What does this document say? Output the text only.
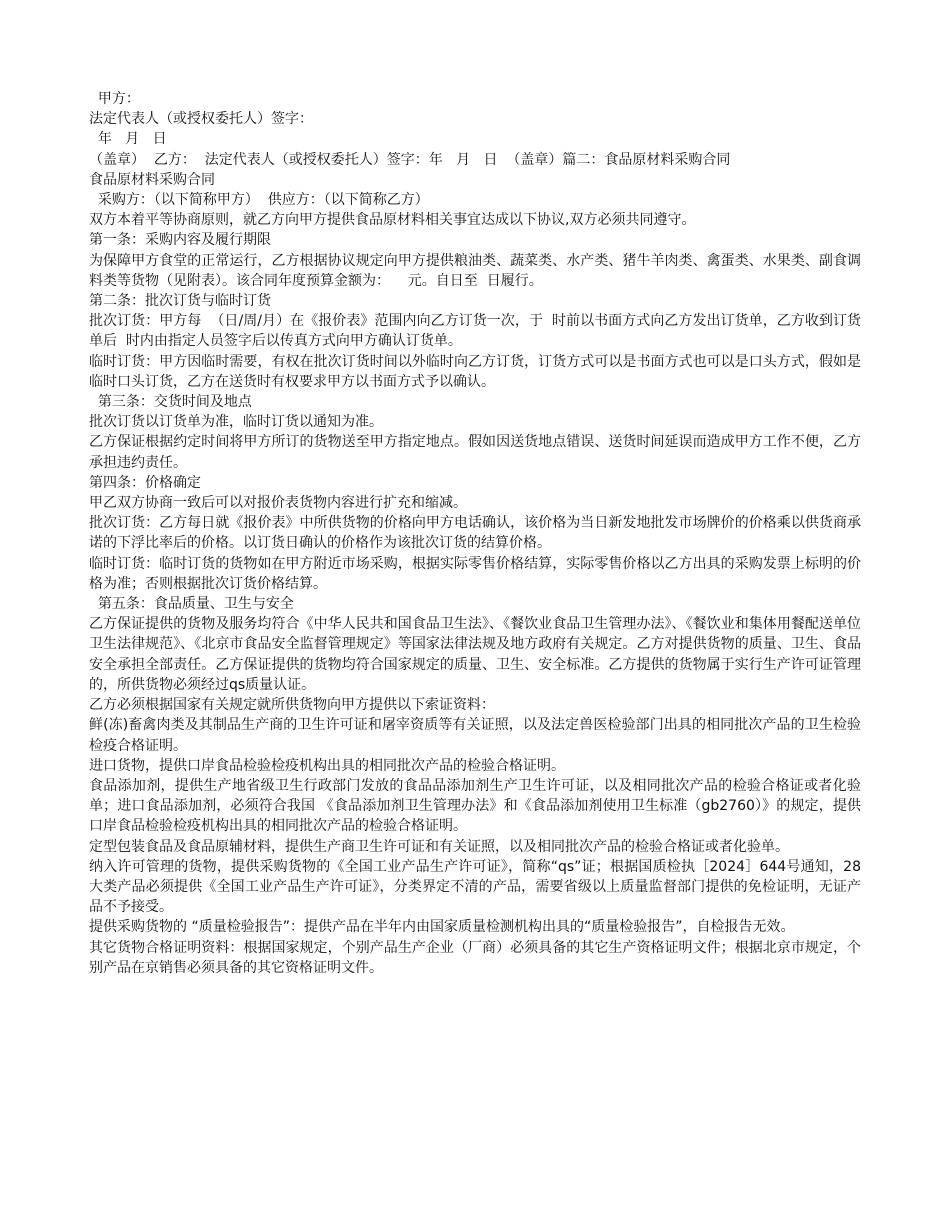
甲方：

法定代表人（或授权委托人）签字：

年   月   日

（盖章）  乙方：  法定代表人（或授权委托人）签字：年   月   日  （盖章）篇二：食品原材料采购合同

食品原材料采购合同

采购方：（以下简称甲方）  供应方：（以下简称乙方）

双方本着平等协商原则，就乙方向甲方提供食品原材料相关事宜达成以下协议,双方必须共同遵守。

第一条：采购内容及履行期限

为保障甲方食堂的正常运行，乙方根据协议规定向甲方提供粮油类、蔬菜类、水产类、猪牛羊肉类、禽蛋类、水果类、副食调料类等货物（见附表）。该合同年度预算金额为：    元。自日至  日履行。

第二条：批次订货与临时订货

批次订货：甲方每  （日/周/月）在《报价表》范围内向乙方订货一次，于  时前以书面方式向乙方发出订货单，乙方收到订货单后  时内由指定人员签字后以传真方式向甲方确认订货单。

临时订货：甲方因临时需要，有权在批次订货时间以外临时向乙方订货，订货方式可以是书面方式也可以是口头方式，假如是临时口头订货，乙方在送货时有权要求甲方以书面方式予以确认。

第三条：交货时间及地点

批次订货以订货单为准，临时订货以通知为准。

乙方保证根据约定时间将甲方所订的货物送至甲方指定地点。假如因送货地点错误、送货时间延误而造成甲方工作不便，乙方承担违约责任。

第四条：价格确定

甲乙双方协商一致后可以对报价表货物内容进行扩充和缩减。

批次订货：乙方每日就《报价表》中所供货物的价格向甲方电话确认，该价格为当日新发地批发市场牌价的价格乘以供货商承诺的下浮比率后的价格。以订货日确认的价格作为该批次订货的结算价格。

临时订货：临时订货的货物如在甲方附近市场采购，根据实际零售价格结算，实际零售价格以乙方出具的采购发票上标明的价格为准；否则根据批次订货价格结算。

第五条：食品质量、卫生与安全

乙方保证提供的货物及服务均符合《中华人民共和国食品卫生法》、《餐饮业食品卫生管理办法》、《餐饮业和集体用餐配送单位卫生法律规范》、《北京市食品安全监督管理规定》等国家法律法规及地方政府有关规定。乙方对提供货物的质量、卫生、食品安全承担全部责任。乙方保证提供的货物均符合国家规定的质量、卫生、安全标准。乙方提供的货物属于实行生产许可证管理的，所供货物必须经过qs质量认证。

乙方必须根据国家有关规定就所供货物向甲方提供以下索证资料：

鲜(冻)畜禽肉类及其制品生产商的卫生许可证和屠宰资质等有关证照，以及法定兽医检验部门出具的相同批次产品的卫生检验检疫合格证明。

进口货物，提供口岸食品检验检疫机构出具的相同批次产品的检验合格证明。

食品添加剂，提供生产地省级卫生行政部门发放的食品品添加剂生产卫生许可证，以及相同批次产品的检验合格证或者化验单；进口食品添加剂，必须符合我国 《食品添加剂卫生管理办法》和《食品添加剂使用卫生标准（gb2760）》的规定，提供口岸食品检验检疫机构出具的相同批次产品的检验合格证明。

定型包装食品及食品原辅材料，提供生产商卫生许可证和有关证照，以及相同批次产品的检验合格证或者化验单。

纳入许可管理的货物，提供采购货物的《全国工业产品生产许可证》，简称“qs”证；根据国质检执［2024］644号通知，28大类产品必须提供《全国工业产品生产许可证》，分类界定不清的产品，需要省级以上质量监督部门提供的免检证明，无证产品不予接受。

提供采购货物的 “质量检验报告”：提供产品在半年内由国家质量检测机构出具的“质量检验报告”，自检报告无效。

其它货物合格证明资料：根据国家规定，个别产品生产企业（厂商）必须具备的其它生产资格证明文件；根据北京市规定，个别产品在京销售必须具备的其它资格证明文件。
